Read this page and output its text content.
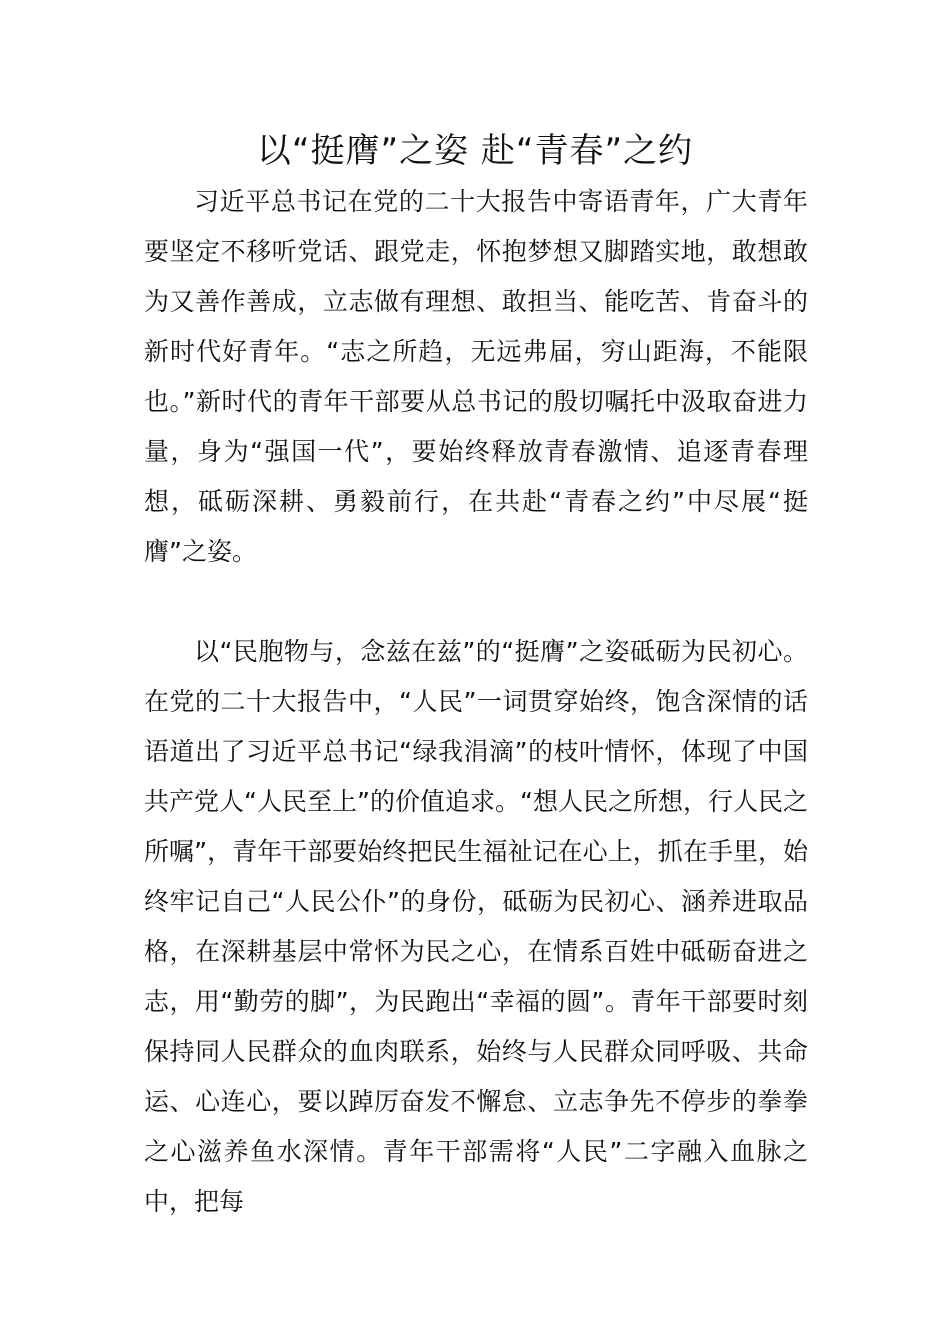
以“挺膺”之姿 赴“青春”之约

习近平总书记在党的二十大报告中寄语青年，广大青年要坚定不移听党话、跟党走，怀抱梦想又脚踏实地，敢想敢为又善作善成，立志做有理想、敢担当、能吃苦、肯奋斗的新时代好青年。“志之所趋，无远弗届，穷山距海，不能限也。”新时代的青年干部要从总书记的殷切嘱托中汲取奋进力量，身为“强国一代”，要始终释放青春激情、追逐青春理想，砥砺深耕、勇毅前行，在共赴“青春之约”中尽展“挺膺”之姿。

以“民胞物与，念兹在兹”的“挺膺”之姿砥砺为民初心。在党的二十大报告中，“人民”一词贯穿始终，饱含深情的话语道出了习近平总书记“绿我涓滴”的枝叶情怀，体现了中国共产党人“人民至上”的价值追求。“想人民之所想，行人民之所嘱”，青年干部要始终把民生福祉记在心上，抓在手里，始终牢记自己“人民公仆”的身份，砥砺为民初心、涵养进取品格，在深耕基层中常怀为民之心，在情系百姓中砥砺奋进之志，用“勤劳的脚”，为民跑出“幸福的圆”。青年干部要时刻保持同人民群众的血肉联系，始终与人民群众同呼吸、共命运、心连心，要以踔厉奋发不懈怠、立志争先不停步的拳拳之心滋养鱼水深情。青年干部需将“人民”二字融入血脉之中，把每
